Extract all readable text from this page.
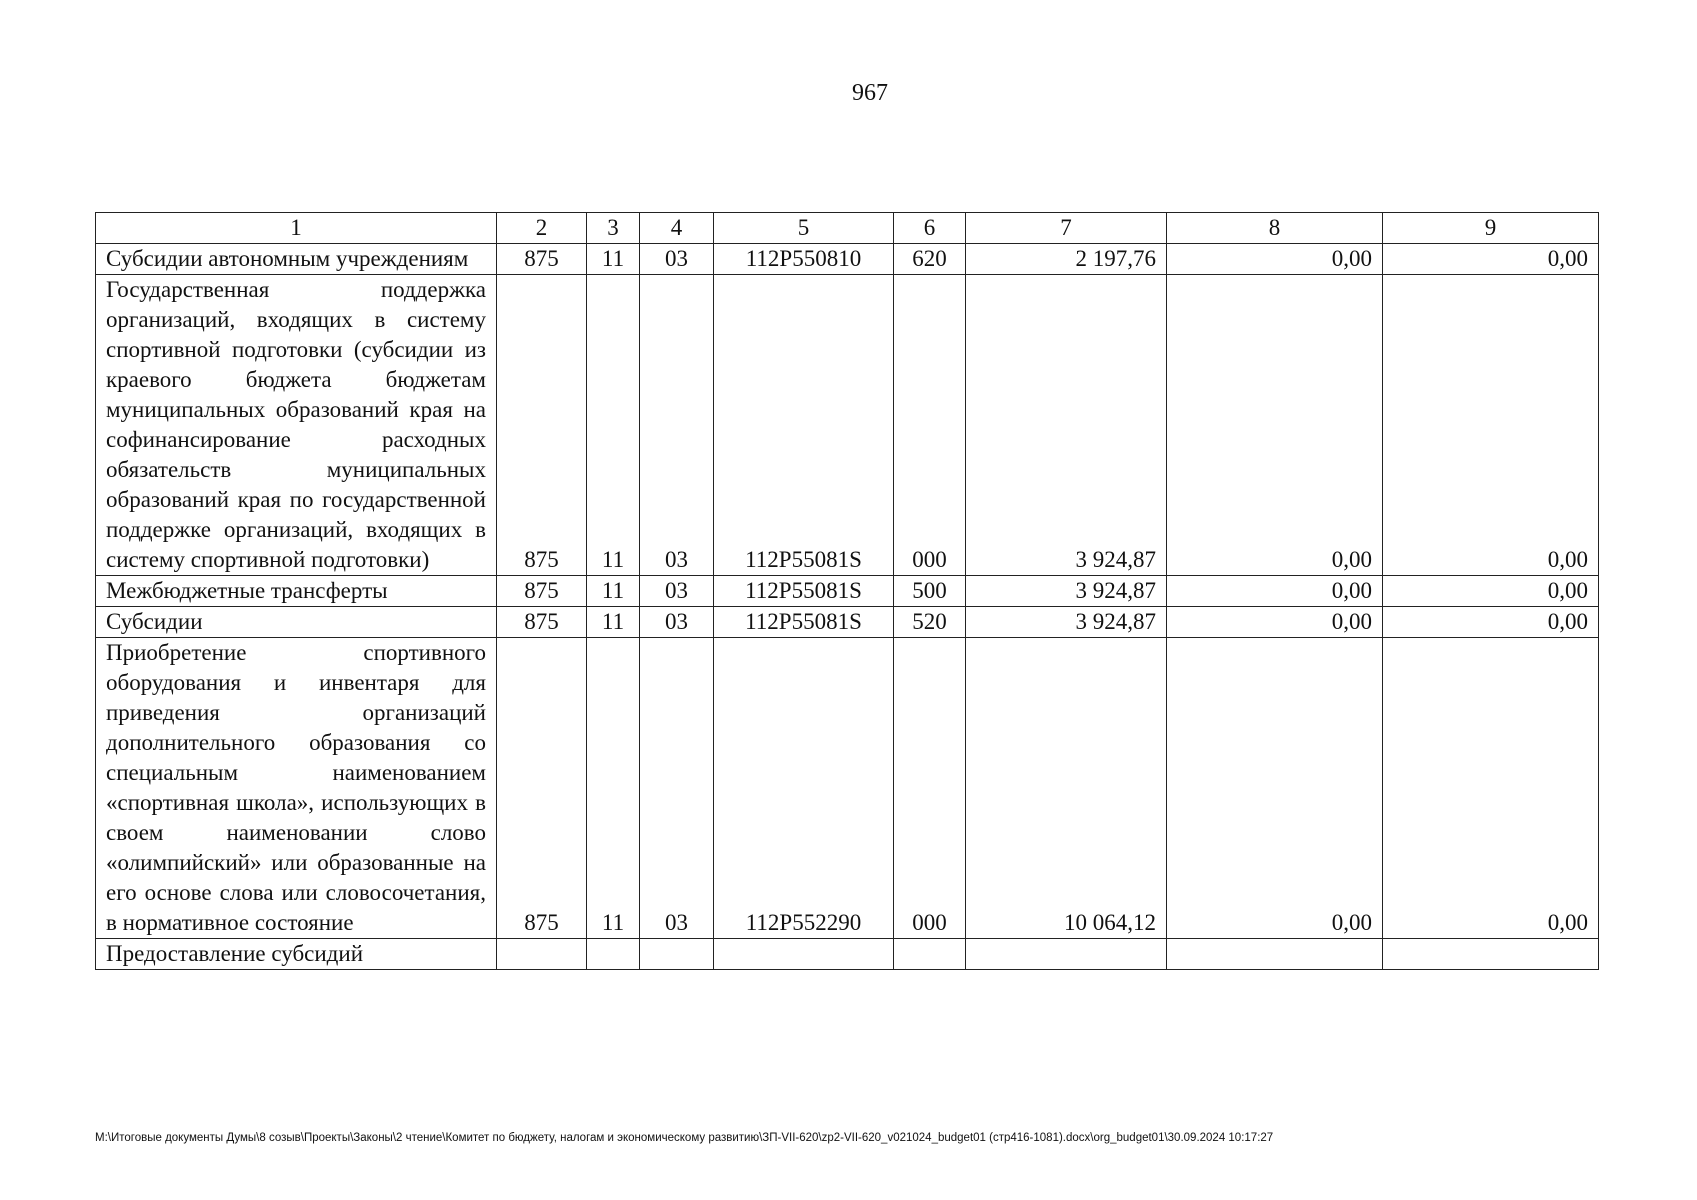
967
1	2	3	4	5	6	7	8	9
Субсидии автономным учреждениям	875	11	03	112P550810	620	2 197,76	0,00	0,00
Государственная поддержка организаций, входящих в систему спортивной подготовки (субсидии из краевого бюджета бюджетам муниципальных образований края на софинансирование расходных обязательств муниципальных образований края по государственной поддержке организаций, входящих в систему спортивной подготовки)	875	11	03	112P55081S	000	3 924,87	0,00	0,00
Межбюджетные трансферты	875	11	03	112P55081S	500	3 924,87	0,00	0,00
Субсидии	875	11	03	112P55081S	520	3 924,87	0,00	0,00
Приобретение спортивного оборудования и инвентаря для приведения организаций дополнительного образования со специальным наименованием «спортивная школа», использующих в своем наименовании слово «олимпийский» или образованные на его основе слова или словосочетания, в нормативное состояние	875	11	03	112P552290	000	10 064,12	0,00	0,00
Предоставление субсидий								
M:\Итоговые документы Думы\8 созыв\Проекты\Законы\2 чтение\Комитет по бюджету, налогам и экономическому развитию\ЗП-VII-620\zp2-VII-620_v021024_budget01 (стр416-1081).docx\org_budget01\30.09.2024 10:17:27
